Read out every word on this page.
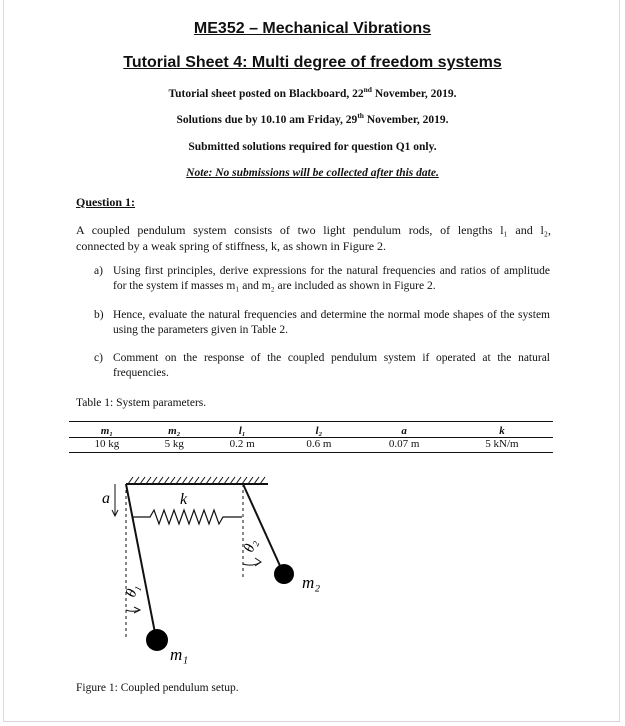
ME352 – Mechanical Vibrations
Tutorial Sheet 4: Multi degree of freedom systems
Tutorial sheet posted on Blackboard, 22nd November, 2019.
Solutions due by 10.10 am Friday, 29th November, 2019.
Submitted solutions required for question Q1 only.
Note: No submissions will be collected after this date.
Question 1:
A coupled pendulum system consists of two light pendulum rods, of lengths l₁ and l₂,
connected by a weak spring of stiffness, k, as shown in Figure 2.
a) Using first principles, derive expressions for the natural frequencies and ratios of amplitude for the system if masses m₁ and m₂ are included as shown in Figure 2.
b) Hence, evaluate the natural frequencies and determine the normal mode shapes of the system using the parameters given in Table 2.
c) Comment on the response of the coupled pendulum system if operated at the natural frequencies.
Table 1: System parameters.
m₁	m₂	l₁	l₂	a	k
10 kg	5 kg	0.2 m	0.6 m	0.07 m	5 kN/m
a
m₁
m₂
k
θ₁
θ₂
Figure 1: Coupled pendulum setup.
